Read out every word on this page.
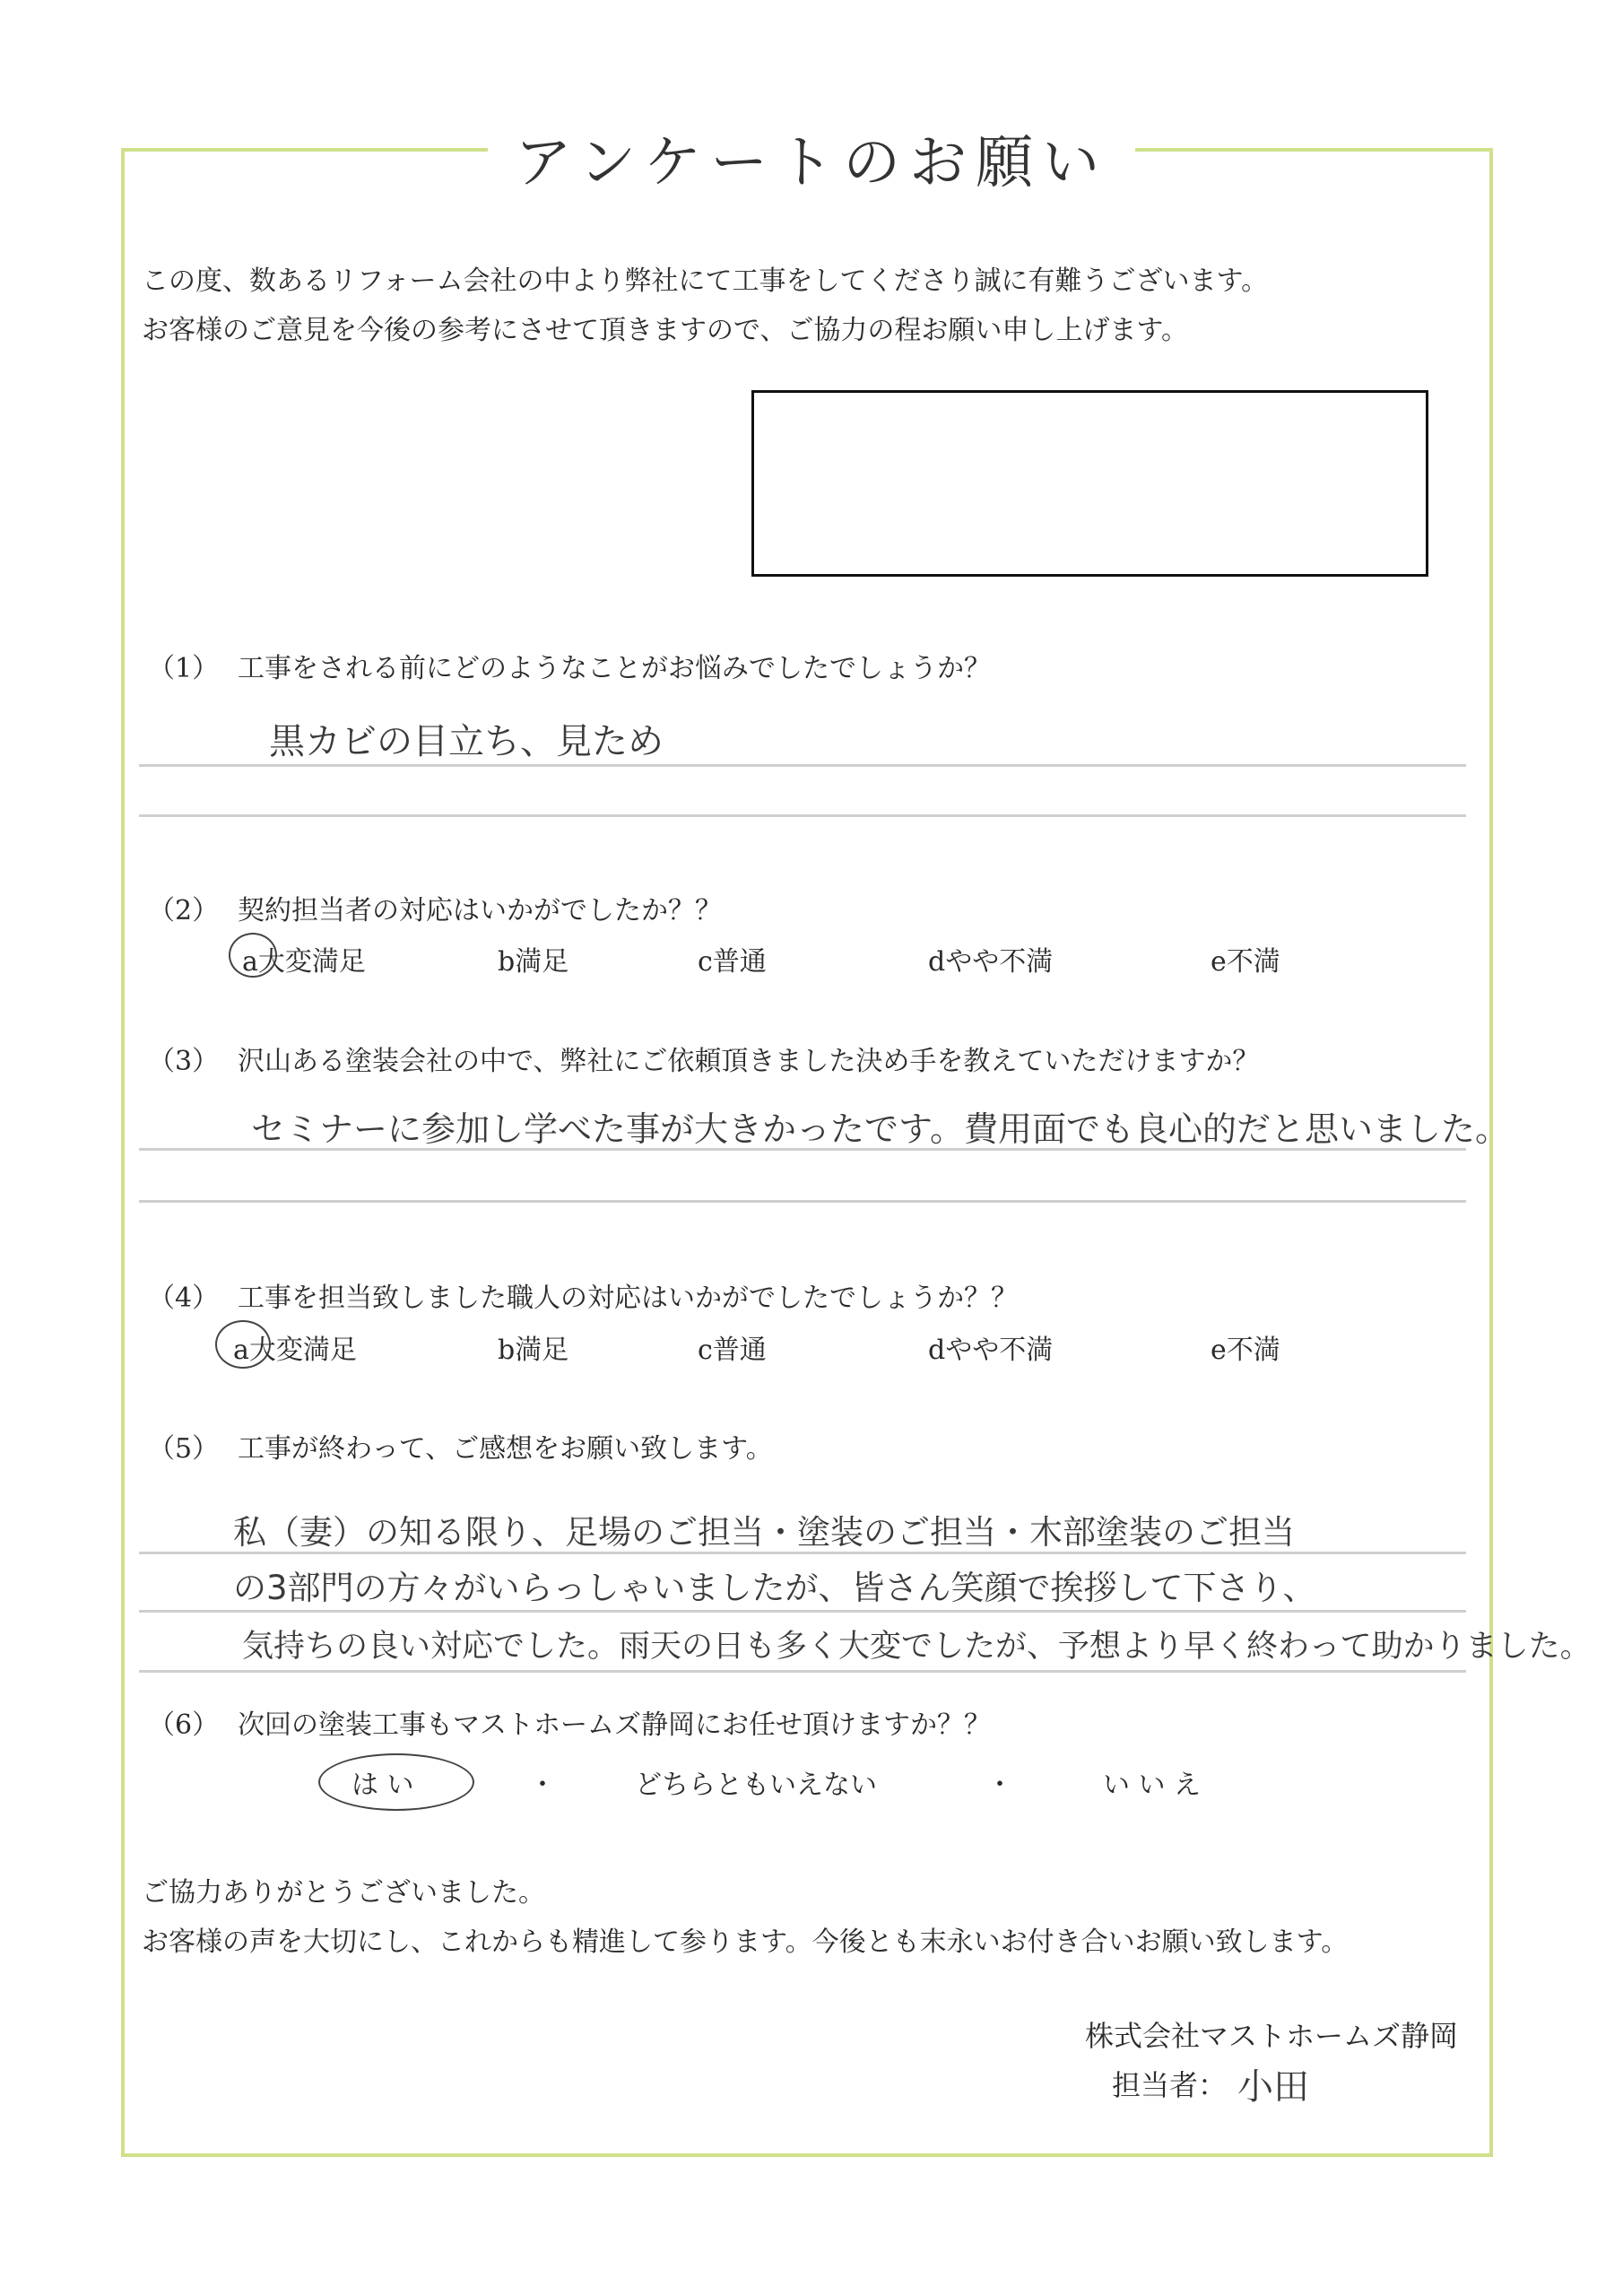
アンケートのお願い
この度、数あるリフォーム会社の中より弊社にて工事をしてくださり誠に有難うございます。
お客様のご意見を今後の参考にさせて頂きますので、ご協力の程お願い申し上げます。
（1） 工事をされる前にどのようなことがお悩みでしたでしょうか？
黒カビの目立ち、見ため
（2） 契約担当者の対応はいかがでしたか？？
a大変満足	b満足	c普通	dやや不満	e不満
（3） 沢山ある塗装会社の中で、弊社にご依頼頂きました決め手を教えていただけますか？
セミナーに参加し学べた事が大きかったです。費用面でも良心的だと思いました。
（4） 工事を担当致しました職人の対応はいかがでしたでしょうか？？
a大変満足	b満足	c普通	dやや不満	e不満
（5） 工事が終わって、ご感想をお願い致します。
私（妻）の知る限り、足場のご担当・塗装のご担当・木部塗装のご担当
の3部門の方々がいらっしゃいましたが、皆さん笑顔で挨拶して下さり、
気持ちの良い対応でした。雨天の日も多く大変でしたが、予想より早く終わって助かりました。
（6） 次回の塗装工事もマストホームズ静岡にお任せ頂けますか？？
は い	・	どちらともいえない	・	い い え
ご協力ありがとうございました。
お客様の声を大切にし、これからも精進して参ります。今後とも末永いお付き合いお願い致します。
株式会社マストホームズ静岡
担当者： 小田
